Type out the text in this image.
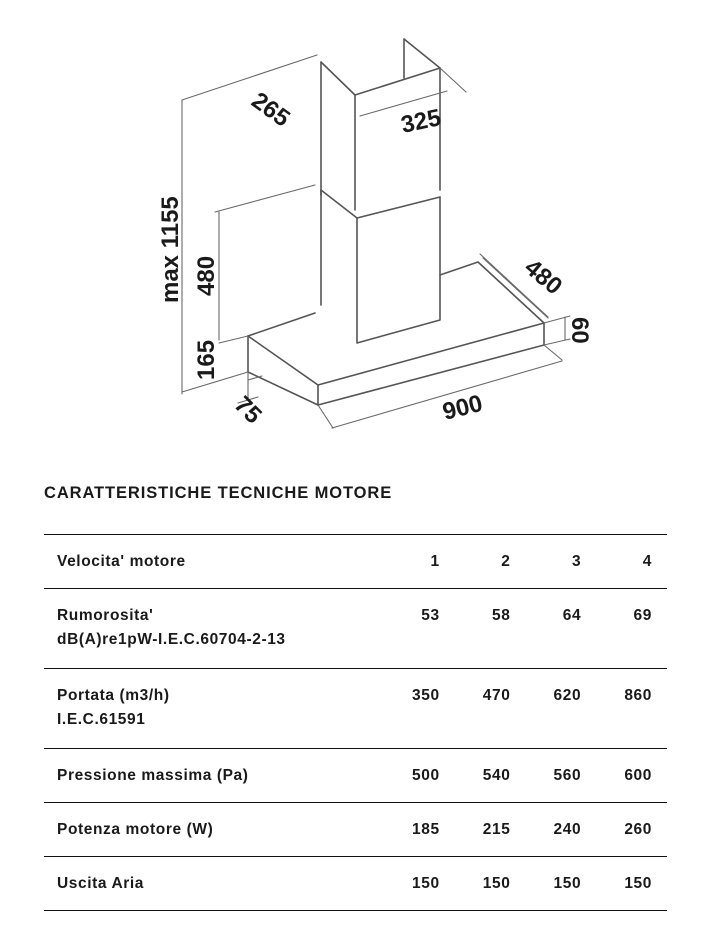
265	325
max 1155 480
165
480
60
900
75
CARATTERISTICHE TECNICHE MOTORE
Velocita' motore	1	2	3	4
Rumorosita'
dB(A)re1pW-I.E.C.60704-2-13	53	58	64	69
Portata (m3/h)
I.E.C.61591	350	470	620	860
Pressione massima (Pa)	500	540	560	600
Potenza motore (W)	185	215	240	260
Uscita Aria	150	150	150	150
